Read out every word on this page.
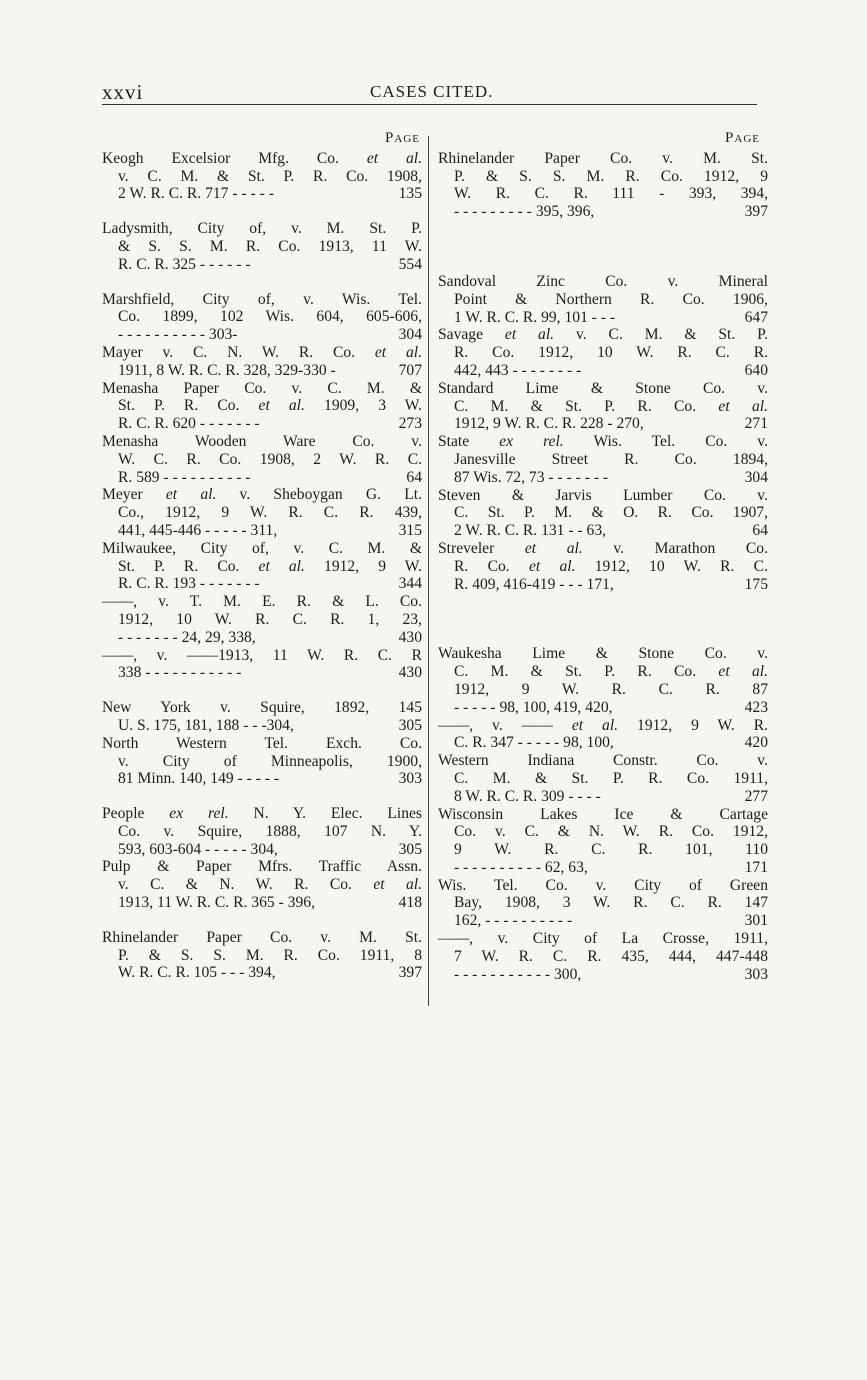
xxvi	CASES CITED.
Page
Keogh Excelsior Mfg. Co. et al.
v. C. M. & St. P. R. Co. 1908,
2 W. R. C. R. 717 - - - - -	135
Ladysmith, City of, v. M. St. P.
& S. S. M. R. Co. 1913, 11 W.
R. C. R. 325 - - - - - -	554
Marshfield, City of, v. Wis. Tel.
Co. 1899, 102 Wis. 604, 605-606,
- - - - - - - - - - 303-	304
Mayer v. C. N. W. R. Co. et al.
1911, 8 W. R. C. R. 328, 329-330 -	707
Menasha Paper Co. v. C. M. &
St. P. R. Co. et al. 1909, 3 W.
R. C. R. 620 - - - - - - -	273
Menasha Wooden Ware Co. v.
W. C. R. Co. 1908, 2 W. R. C.
R. 589 - - - - - - - - - -	64
Meyer et al. v. Sheboygan G. Lt.
Co., 1912, 9 W. R. C. R. 439,
441, 445-446 - - - - - 311,	315
Milwaukee, City of, v. C. M. &
St. P. R. Co. et al. 1912, 9 W.
R. C. R. 193 - - - - - - -	344
——, v. T. M. E. R. & L. Co.
1912, 10 W. R. C. R. 1, 23,
- - - - - - - 24, 29, 338,	430
——, v. ——1913, 11 W. R. C. R
338 - - - - - - - - - - -	430
New York v. Squire, 1892, 145
U. S. 175, 181, 188 - - -304,	305
North Western Tel. Exch. Co.
v. City of Minneapolis, 1900,
81 Minn. 140, 149 - - - - -	303
People ex rel. N. Y. Elec. Lines
Co. v. Squire, 1888, 107 N. Y.
593, 603-604 - - - - - 304,	305
Pulp & Paper Mfrs. Traffic Assn.
v. C. & N. W. R. Co. et al.
1913, 11 W. R. C. R. 365 - 396,	418
Rhinelander Paper Co. v. M. St.
P. & S. S. M. R. Co. 1911, 8
W. R. C. R. 105 - - - 394,	397
Page
Rhinelander Paper Co. v. M. St.
P. & S. S. M. R. Co. 1912, 9
W. R. C. R. 111 - 393, 394,
- - - - - - - - - 395, 396,	397
Sandoval Zinc Co. v. Mineral
Point & Northern R. Co. 1906,
1 W. R. C. R. 99, 101 - - -	647
Savage et al. v. C. M. & St. P.
R. Co. 1912, 10 W. R. C. R.
442, 443 - - - - - - - -	640
Standard Lime & Stone Co. v.
C. M. & St. P. R. Co. et al.
1912, 9 W. R. C. R. 228 - 270,	271
State ex rel. Wis. Tel. Co. v.
Janesville Street R. Co. 1894,
87 Wis. 72, 73 - - - - - - -	304
Steven & Jarvis Lumber Co. v.
C. St. P. M. & O. R. Co. 1907,
2 W. R. C. R. 131 - - 63,	64
Streveler et al. v. Marathon Co.
R. Co. et al. 1912, 10 W. R. C.
R. 409, 416-419 - - - 171,	175
Waukesha Lime & Stone Co. v.
C. M. & St. P. R. Co. et al.
1912, 9 W. R. C. R. 87
- - - - - 98, 100, 419, 420,	423
——, v. —— et al. 1912, 9 W. R.
C. R. 347 - - - - - 98, 100,	420
Western Indiana Constr. Co. v.
C. M. & St. P. R. Co. 1911,
8 W. R. C. R. 309 - - - -	277
Wisconsin Lakes Ice & Cartage
Co. v. C. & N. W. R. Co. 1912,
9 W. R. C. R. 101, 110
- - - - - - - - - - 62, 63,	171
Wis. Tel. Co. v. City of Green
Bay, 1908, 3 W. R. C. R. 147
162, - - - - - - - - - -	301
——, v. City of La Crosse, 1911,
7 W. R. C. R. 435, 444, 447-448
- - - - - - - - - - - 300,	303
